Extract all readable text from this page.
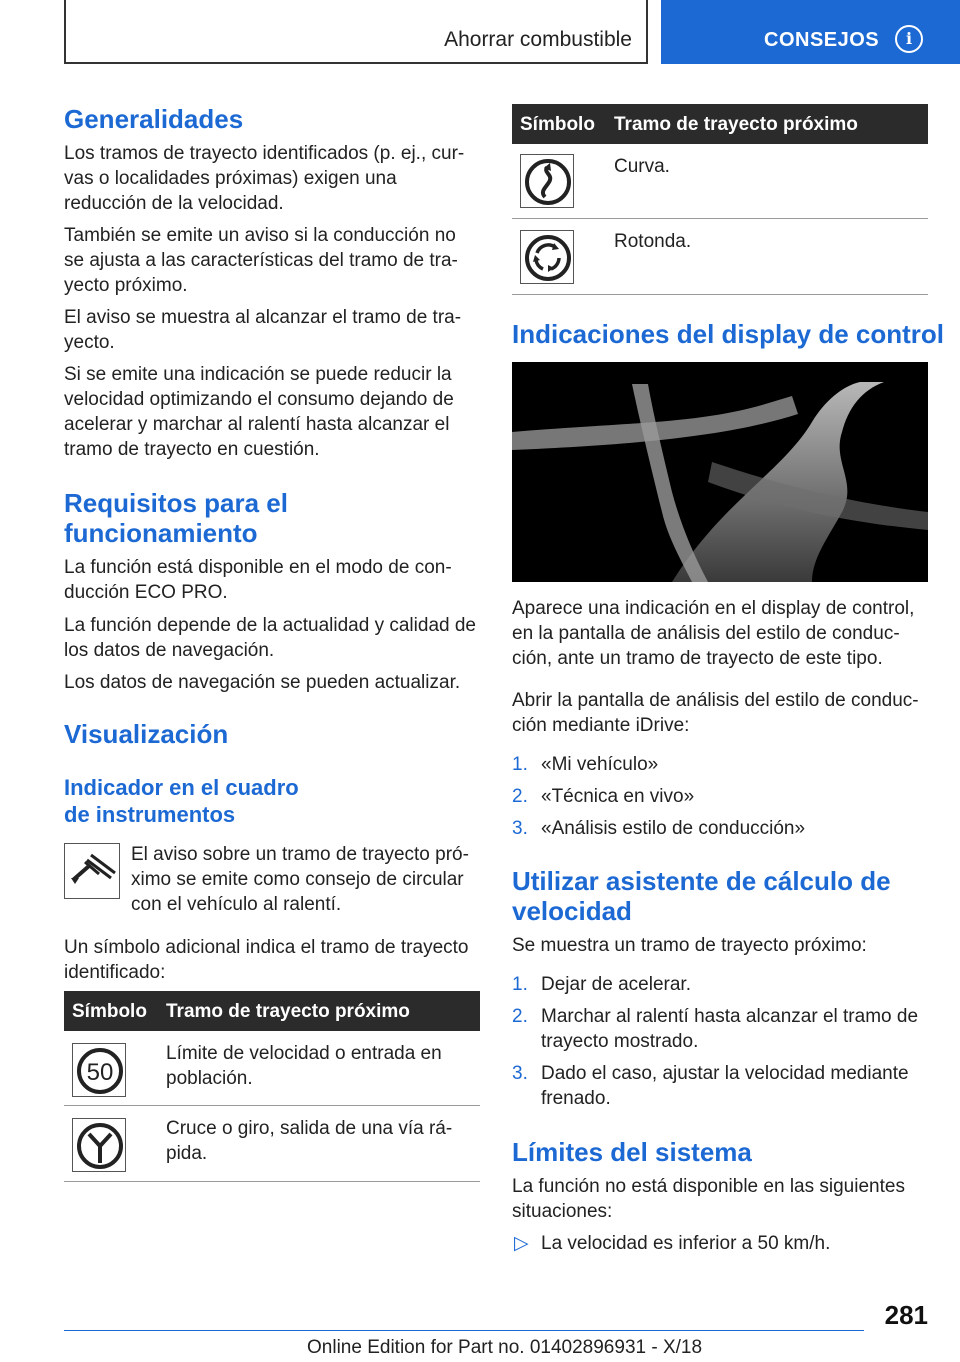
Ahorrar combustible	CONSEJOS	i
Generalidades

Los tramos de trayecto identificados (p. ej., cur-vas o localidades próximas) exigen una reducción de la velocidad.

También se emite un aviso si la conducción no se ajusta a las características del tramo de tra-yecto próximo.

El aviso se muestra al alcanzar el tramo de tra-yecto.

Si se emite una indicación se puede reducir la velocidad optimizando el consumo dejando de acelerar y marchar al ralentí hasta alcanzar el tramo de trayecto en cuestión.

Requisitos para el
funcionamiento

La función está disponible en el modo de con-ducción ECO PRO.

La función depende de la actualidad y calidad de los datos de navegación.

Los datos de navegación se pueden actualizar.

Visualización
Indicador en el cuadro
de instrumentos

El aviso sobre un tramo de trayecto pró-ximo se emite como consejo de circular con el vehículo al ralentí.

Un símbolo adicional indica el tramo de trayecto identificado:

Símbolo Tramo de trayecto próximo
50

Límite de velocidad o entrada en población.

Cruce o giro, salida de una vía rá-pida.

Símbolo Tramo de trayecto próximo

Curva.

Rotonda.

Indicaciones del display de control

Aparece una indicación en el display de control, en la pantalla de análisis del estilo de conduc-ción, ante un tramo de trayecto de este tipo.

Abrir la pantalla de análisis del estilo de conduc-ción mediante iDrive:

1. «Mi vehículo»
2. «Técnica en vivo»
3. «Análisis estilo de conducción»
Utilizar asistente de cálculo de
velocidad

Se muestra un tramo de trayecto próximo:

1. Dejar de acelerar.
2. Marchar al ralentí hasta alcanzar el tramo de trayecto mostrado.
3. Dado el caso, ajustar la velocidad mediante frenado.
Límites del sistema

La función no está disponible en las siguientes situaciones:

▷ La velocidad es inferior a 50 km/h.
281
Online Edition for Part no. 01402896931 - X/18
